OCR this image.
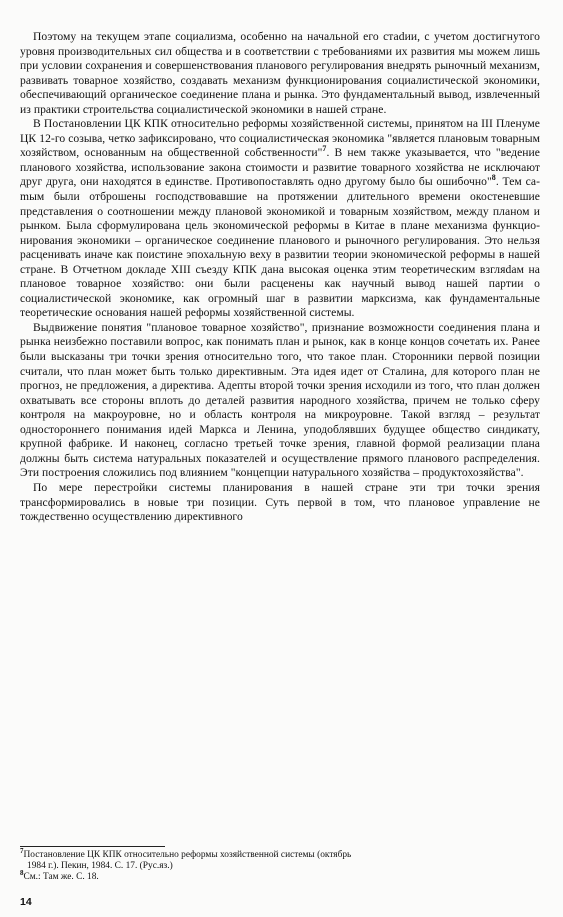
Поэтому на текущем этапе социализма, особенно на начальной его стаdии, с учетом достигнутого уровня производительных сил общества и в соответствии с требованиями их развития мы можем лишь при условии сохранения и совершенствования планового регулирования внедрять рыночный механизм, развивать товарное хозяйство, создавать механизм функционирования социалистической экономики, обеспечивающий органическое соединение плана и рынка. Это фундаментальный вывод, извлеченный из практики строительства социалистической экономики в нашей стране.

В Постановлении ЦК КПК относительно реформы хозяйственной системы, принятом на III Пленуме ЦК 12-го созыва, четко зафиксировано, что социалистическая экономика "является плановым товарным хозяйством, основанным на общественной собственности"$^7$. В нем также указывается, что "ведение планового хозяйства, использование закона стоимости и развитие товарного хозяйства не исключают друг друга, они находятся в единстве. Противопоставлять одно другому было бы ошибочно"$^8$. Тем саmым были отброшены господствовавшие на протяжении длительного времени окостеневшие представления о соотношении между плановой экономикой и товарным хозяйством, между планом и рынком. Была сформулирована цель экономической реформы в Китае в плане механизма функционирования экономики – органическое соединение планового и рыночного регулирования. Это нельзя расценивать иначе как поистине эпохальную веху в развитии теории экономической реформы в нашей стране. В Отчетном докладе XIII съезду КПК дана высокая оценка этим теоретическим взгляdам на плановое товарное хозяйство: они были расценены как научный вывод нашей партии о социалистической экономике, как огромный шаг в развитии марксизма, как фундаментальные теоретические основания нашей реформы хозяйственной системы.

Выдвижение понятия "плановое товарное хозяйство", признание возможности соединения плана и рынка неизбежно поставили вопрос, как понимать план и рынок, как в конце концов сочетать их. Ранее были высказаны три точки зрения относительно того, что такое план. Сторонники первой позиции считали, что план может быть только директивным. Эта идея идет от Сталина, для которого план не прогноз, не предложения, а директива. Адепты второй точки зрения исходили из того, что план должен охватывать все стороны вплоть до деталей развития народного хозяйства, причем не только сферу контроля на макроуровне, но и область контроля на микроуровне. Такой взгляд – результат одностороннего понимания идей Маркса и Ленина, уподоблявших будущее общество синдикату, крупной фабрике. И наконец, согласно третьей точке зрения, главной формой реализации плана должны быть система натуральных показателей и осуществление прямого планового распределения. Эти построения сложились под влиянием "концепции натурального хозяйства – продуктохозяйства".

По мере перестройки системы планирования в нашей стране эти три точки зрения трансформировались в новые три позиции. Суть первой в том, что плановое управление не тождественно осуществлению директивного

$^7$Постановление ЦК КПК относительно реформы хозяйственной системы (октябрь

1984 г.). Пекин, 1984. С. 17. (Рус.яз.)

$^8$См.: Там же. С. 18.

14
